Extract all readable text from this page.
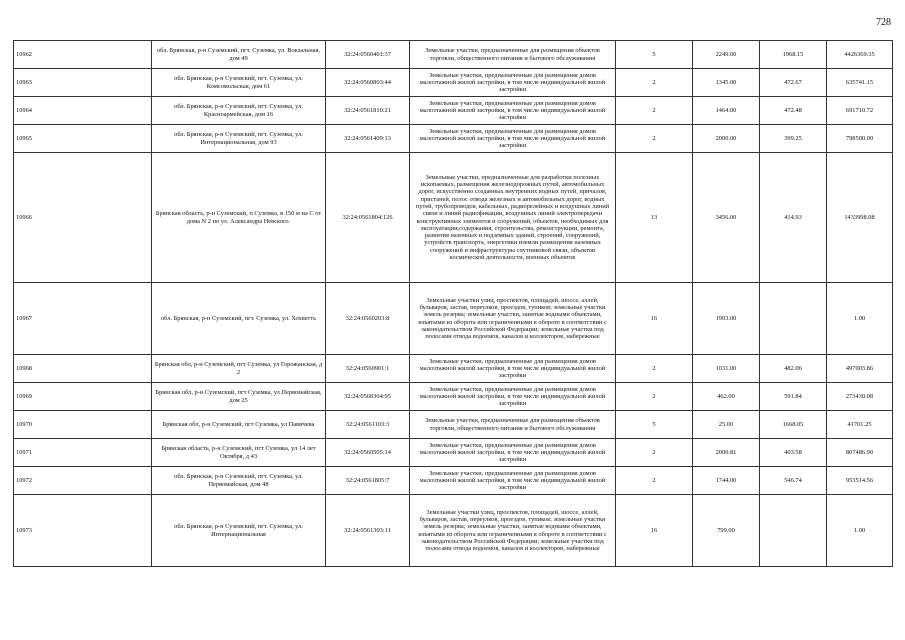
728
10962	обл. Брянская, р-н Суземский, пгт. Суземка, ул. Вокзальная, дом 49	32:24:0560401:37	Земельные участки, предназначенные для размещения объектов торговли, общественного питания и бытового обслуживания	5	2249.00	1968.15	4426369.35
10963	обл. Брянская, р-н Суземский, пгт. Суземка, ул. Комсомольская, дом 61	32:24:0560803:44	Земельные участки, предназначенные для размещения домов малоэтажной жилой застройки, в том числе индивидуальной жилой застройки	2	1345.00	472.67	635741.15
10964	обл. Брянская, р-н Суземский, пгт. Суземка, ул. Красноармейская, дом 16	32:24:0561810:21	Земельные участки, предназначенные для размещения домов малоэтажной жилой застройки, в том числе индивидуальной жилой застройки	2	1464.00	472.48	691710.72
10965	обл. Брянская, р-н Суземский, пгт. Суземка, ул. Интернациональная, дом 93	32:24:0561409:13	Земельные участки, предназначенные для размещения домов малоэтажной жилой застройки, в том числе индивидуальной жилой застройки	2	2000.00	399.25	798500.00
10966	Брянская область, р-н Суземский, п Суземка, в 150 м на С от дома N 2 по ул. Александра Невского.	32:24:0561804:126	Земельные участки, предназначенные для разработки полезных ископаемых, размещения железнодорожных путей, автомобильных дорог, искусственно созданных внутренних водных путей, причалов, пристаней, полос отвода железных и автомобильных дорог, водных путей, трубопроводов, кабельных, радиорелейных и воздушных линий связи и линий радиофикации, воздушных линий электропередачи конструктивных элементов и сооружений, объектов, необходимых для эксплуатации,содержания, строительства, реконструкции, ремонта, развития наземных и подземных зданий, строений, сооружений, устройств транспорта, энергетики иземли размещения наземных сооружений и инфраструктуры спутниковой связи, объектов космической деятельности, военных объектов	13	3456.00	414.93	1433998.08
10967	обл. Брянская, р-н Суземский, пгт. Суземка, ул. Хохветть	32:24:0560203:8	Земельные участки улиц, проспектов, площадей, шоссе, аллей, бульваров, застав, переулков, проездов, тупиков; земельные участки земель резерва; земельные участки, занятые водными объектами, изъятыми из оборота или ограниченными в обороте в соответствии с законодательством Российской Федерации; земельные участки под полосами отвода водоемов, каналов и коллекторов, набережные	16	1993.00		1.00
10968	Брянская обл, р-н Суземский, пгт Суземка, ул Горожанская, д 2	32:24:0560901:1	Земельные участки, предназначенные для размещения домов малоэтажной жилой застройки, в том числе индивидуальной жилой застройки	2	1031.00	482.06	497003.86
10969	Брянская обл, р-н Суземский, пгт Суземка, ул Первомайская, дом 25	32:24:0560304:95	Земельные участки, предназначенные для размещения домов малоэтажной жилой застройки, в том числе индивидуальной жилой застройки	2	462.00	591.84	273430.08
10970	Брянская обл, р-н Суземский, пгт Суземка, ул Павичева	32:24:0561103:3	Земельные участки, предназначенные для размещения объектов торговли, общественного питания и бытового обслуживания	5	25.00	1668.05	41701.25
10971	Брянская область, р-н Суземский, пгт Суземка, ул 14 лет Октября, д 43	32:24:0560505:14	Земельные участки, предназначенные для размещения домов малоэтажной жилой застройки, в том числе индивидуальной жилой застройки	2	2000.81	403.58	807486.90
10972	обл. Брянская, р-н Суземский, пгт. Суземка, ул. Первомайская, дом 48	32:24:0561805:7	Земельные участки, предназначенные для размещения домов малоэтажной жилой застройки, в том числе индивидуальной жилой застройки	2	1744.00	546.74	953514.56
10973	обл. Брянская, р-н Суземский, пгт. Суземка, ул. Интернациональная	32:24:0561303:11	Земельные участки улиц, проспектов, площадей, шоссе, аллей, бульваров, застав, переулков, проездов, тупиков; земельные участки земель резерва; земельные участки, занятые водными объектами, изъятыми из оборота или ограниченными в обороте в соответствии с законодательством Российской Федерации; земельные участки под полосами отвода водоемов, каналов и коллекторов, набережные	16	799.00		1.00
